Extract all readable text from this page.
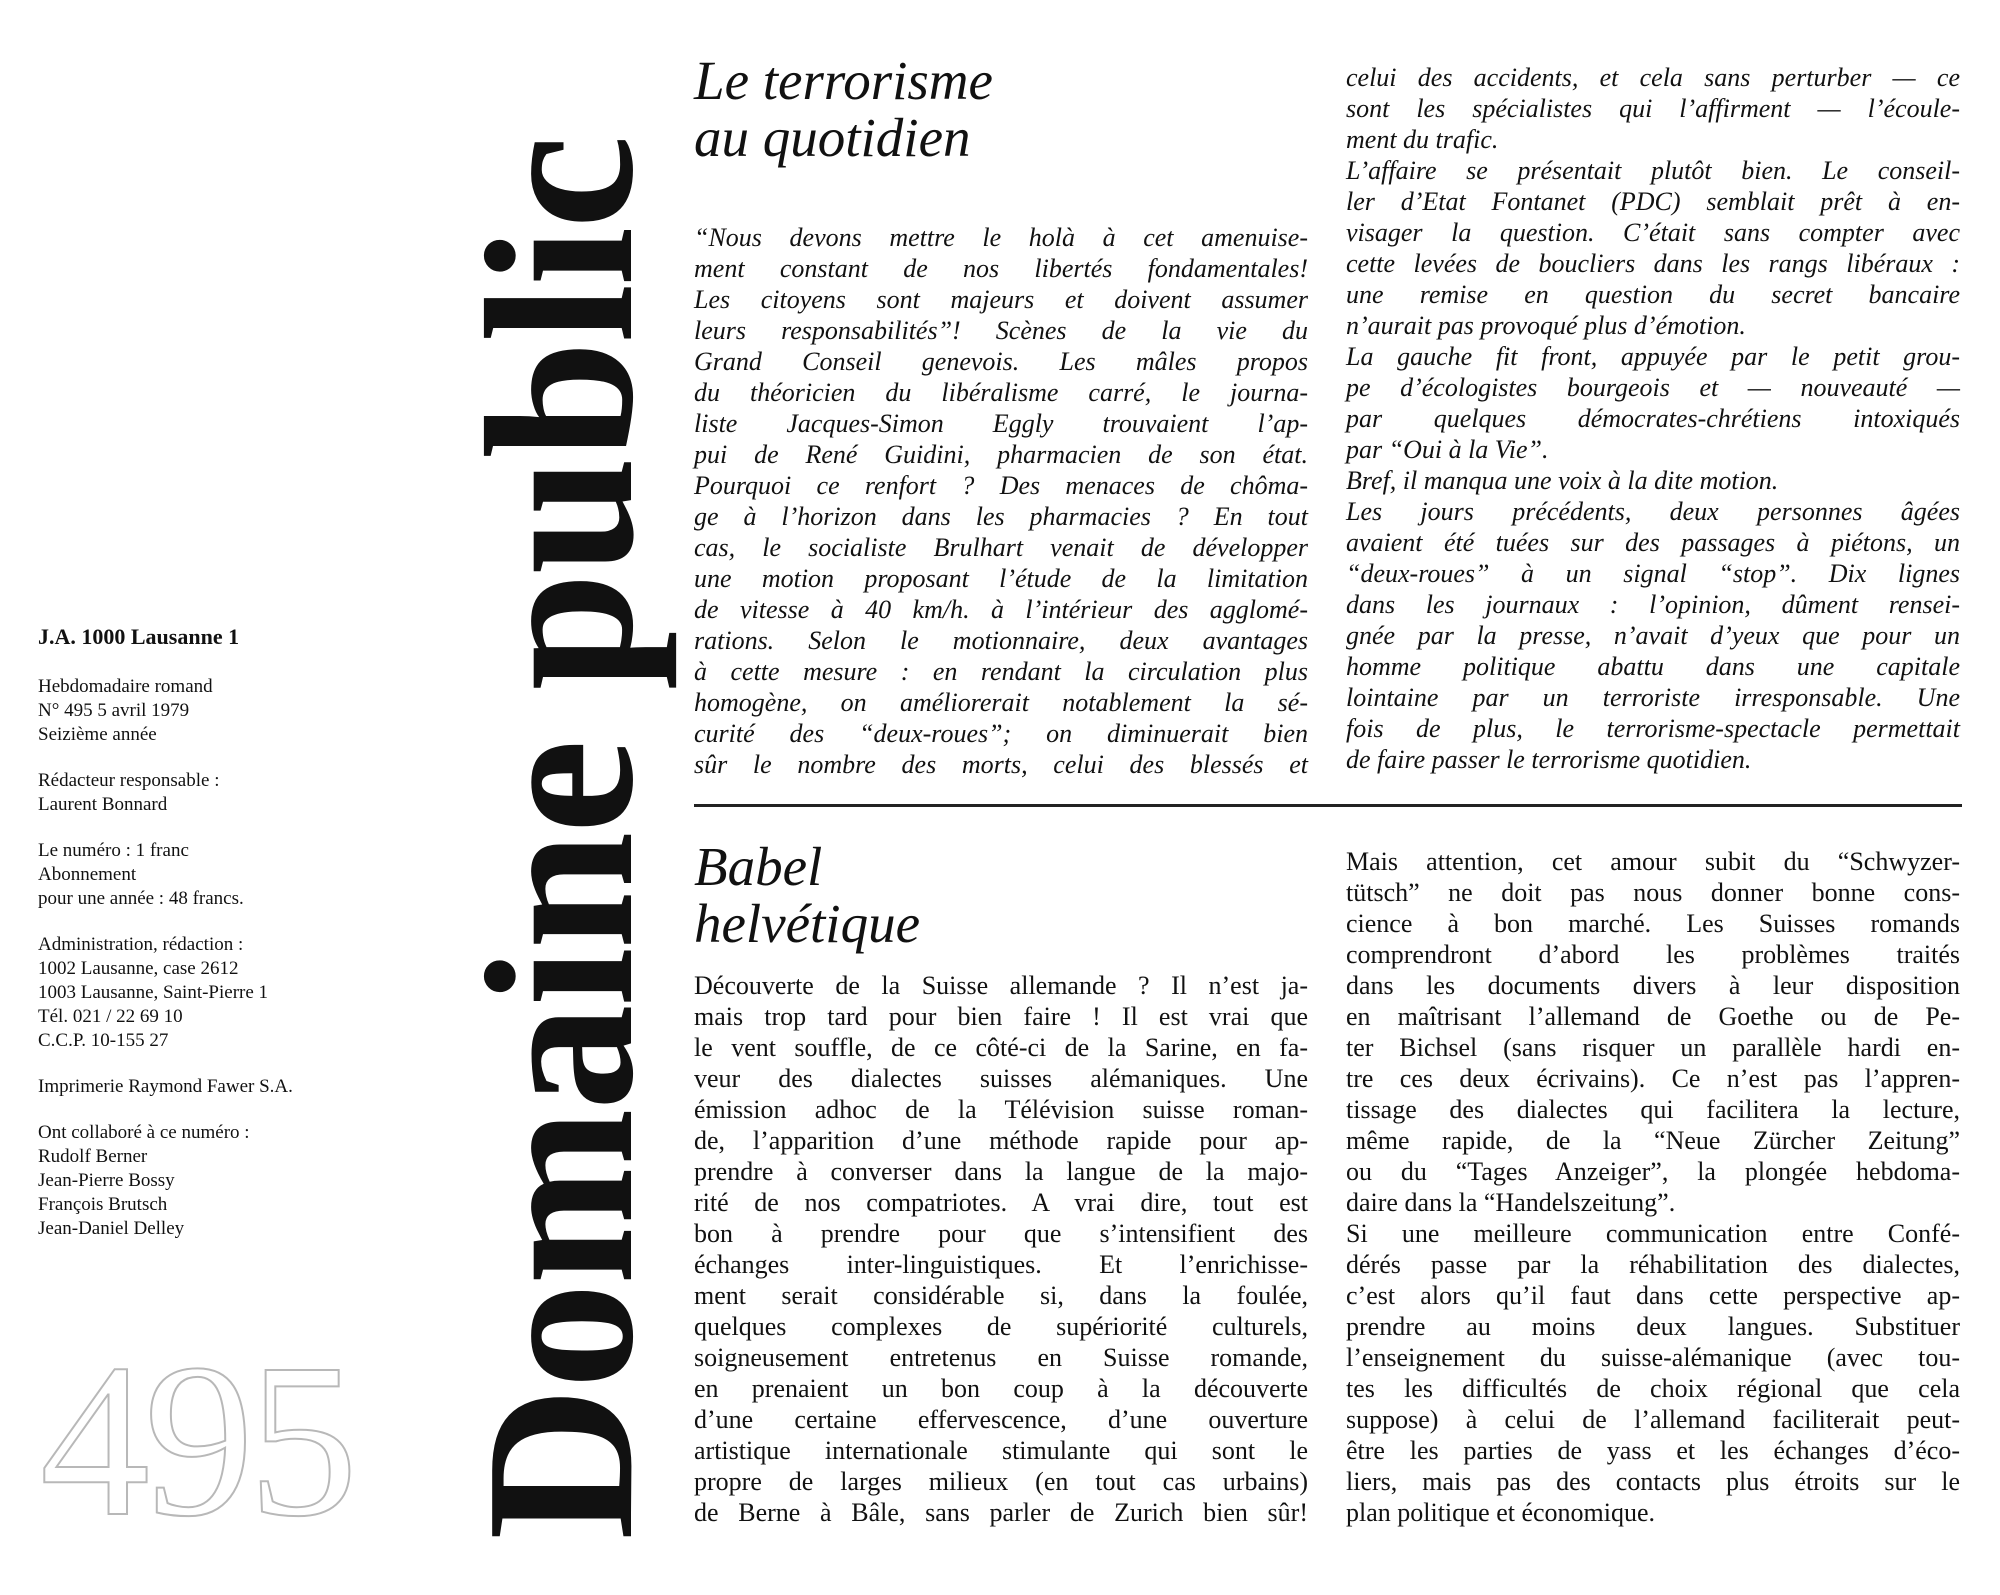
J.A. 1000 Lausanne 1
Hebdomadaire romand
N° 495 5 avril 1979
Seizième année
Rédacteur responsable :
Laurent Bonnard
Le numéro : 1 franc
Abonnement
pour une année : 48 francs.
Administration, rédaction :
1002 Lausanne, case 2612
1003 Lausanne, Saint-Pierre 1
Tél. 021 / 22 69 10
C.C.P. 10-155 27
Imprimerie Raymond Fawer S.A.
Ont collaboré à ce numéro :
Rudolf Berner
Jean-Pierre Bossy
François Brutsch
Jean-Daniel Delley
495 Domaine public
Le terrorisme
au quotidien
“Nous devons mettre le holà à cet amenuise-
ment constant de nos libertés fondamentales!
Les citoyens sont majeurs et doivent assumer
leurs responsabilités”! Scènes de la vie du
Grand Conseil genevois. Les mâles propos
du théoricien du libéralisme carré, le journa-
liste Jacques-Simon Eggly trouvaient l’ap-
pui de René Guidini, pharmacien de son état.
Pourquoi ce renfort ? Des menaces de chôma-
ge à l’horizon dans les pharmacies ? En tout
cas, le socialiste Brulhart venait de développer
une motion proposant l’étude de la limitation
de vitesse à 40 km/h. à l’intérieur des agglomé-
rations. Selon le motionnaire, deux avantages
à cette mesure : en rendant la circulation plus
homogène, on améliorerait notablement la sé-
curité des “deux-roues”; on diminuerait bien
sûr le nombre des morts, celui des blessés et
celui des accidents, et cela sans perturber — ce
sont les spécialistes qui l’affirment — l’écoule-
ment du trafic.
L’affaire se présentait plutôt bien. Le conseil-
ler d’Etat Fontanet (PDC) semblait prêt à en-
visager la question. C’était sans compter avec
cette levées de boucliers dans les rangs libéraux :
une remise en question du secret bancaire
n’aurait pas provoqué plus d’émotion.
La gauche fit front, appuyée par le petit grou-
pe d’écologistes bourgeois et — nouveauté —
par quelques démocrates-chrétiens intoxiqués
par “Oui à la Vie”.
Bref, il manqua une voix à la dite motion.
Les jours précédents, deux personnes âgées
avaient été tuées sur des passages à piétons, un
“deux-roues” à un signal “stop”. Dix lignes
dans les journaux : l’opinion, dûment rensei-
gnée par la presse, n’avait d’yeux que pour un
homme politique abattu dans une capitale
lointaine par un terroriste irresponsable. Une
fois de plus, le terrorisme-spectacle permettait
de faire passer le terrorisme quotidien.
Babel
helvétique
Découverte de la Suisse allemande ? Il n’est ja-
mais trop tard pour bien faire ! Il est vrai que
le vent souffle, de ce côté-ci de la Sarine, en fa-
veur des dialectes suisses alémaniques. Une
émission adhoc de la Télévision suisse roman-
de, l’apparition d’une méthode rapide pour ap-
prendre à converser dans la langue de la majo-
rité de nos compatriotes. A vrai dire, tout est
bon à prendre pour que s’intensifient des
échanges inter-linguistiques. Et l’enrichisse-
ment serait considérable si, dans la foulée,
quelques complexes de supériorité culturels,
soigneusement entretenus en Suisse romande,
en prenaient un bon coup à la découverte
d’une certaine effervescence, d’une ouverture
artistique internationale stimulante qui sont le
propre de larges milieux (en tout cas urbains)
de Berne à Bâle, sans parler de Zurich bien sûr!
Mais attention, cet amour subit du “Schwyzer-
tütsch” ne doit pas nous donner bonne cons-
cience à bon marché. Les Suisses romands
comprendront d’abord les problèmes traités
dans les documents divers à leur disposition
en maîtrisant l’allemand de Goethe ou de Pe-
ter Bichsel (sans risquer un parallèle hardi en-
tre ces deux écrivains). Ce n’est pas l’appren-
tissage des dialectes qui facilitera la lecture,
même rapide, de la “Neue Zürcher Zeitung”
ou du “Tages Anzeiger”, la plongée hebdoma-
daire dans la “Handelszeitung”.
Si une meilleure communication entre Confé-
dérés passe par la réhabilitation des dialectes,
c’est alors qu’il faut dans cette perspective ap-
prendre au moins deux langues. Substituer
l’enseignement du suisse-alémanique (avec tou-
tes les difficultés de choix régional que cela
suppose) à celui de l’allemand faciliterait peut-
être les parties de yass et les échanges d’éco-
liers, mais pas des contacts plus étroits sur le
plan politique et économique.
